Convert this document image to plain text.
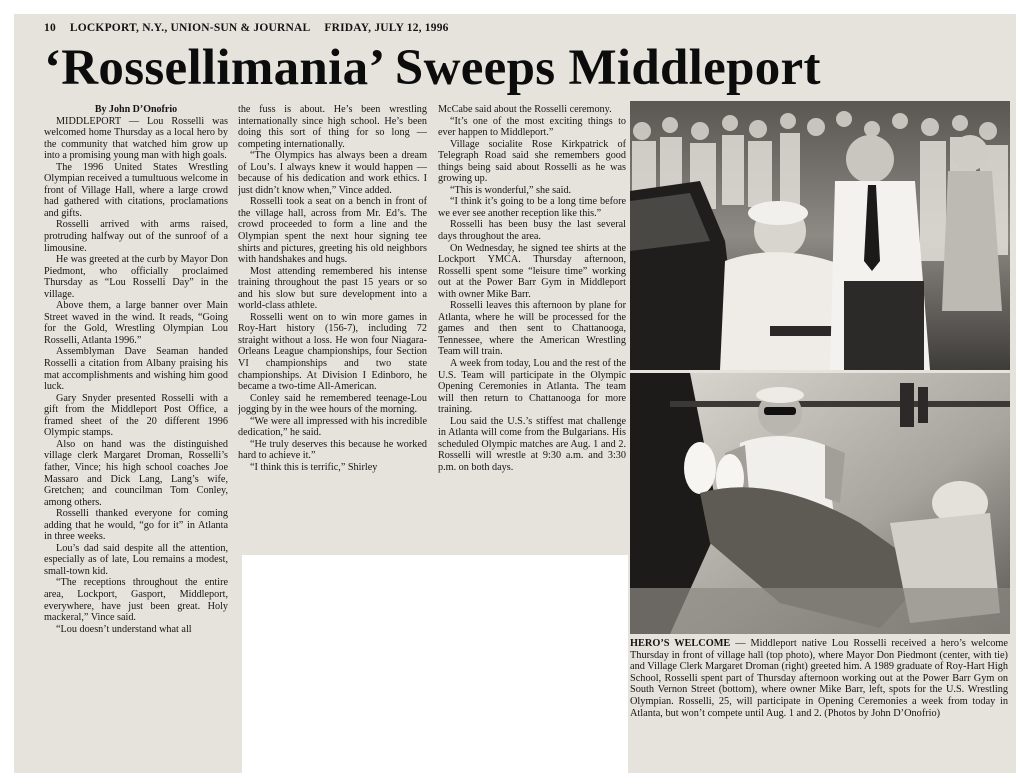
10 LOCKPORT, N.Y., UNION-SUN & JOURNAL FRIDAY, JULY 12, 1996
‘Rossellimania’ Sweeps Middleport

By John D’Onofrio

MIDDLEPORT — Lou Rosselli was welcomed home Thursday as a local hero by the community that watched him grow up into a promising young man with high goals.

The 1996 United States Wrestling Olympian received a tumultuous welcome in front of Village Hall, where a large crowd had gathered with citations, proclamations and gifts.

Rosselli arrived with arms raised, protruding halfway out of the sunroof of a limousine.

He was greeted at the curb by Mayor Don Piedmont, who officially proclaimed Thursday as “Lou Rosselli Day” in the village.

Above them, a large banner over Main Street waved in the wind. It reads, “Going for the Gold, Wrestling Olympian Lou Rosselli, Atlanta 1996.”

Assemblyman Dave Seaman handed Rosselli a citation from Albany praising his mat accomplishments and wishing him good luck.

Gary Snyder presented Rosselli with a gift from the Middleport Post Office, a framed sheet of the 20 different 1996 Olympic stamps.

Also on hand was the distinguished village clerk Margaret Droman, Rosselli’s father, Vince; his high school coaches Joe Massaro and Dick Lang, Lang’s wife, Gretchen; and councilman Tom Conley, among others.

Rosselli thanked everyone for coming adding that he would, “go for it” in Atlanta in three weeks.

Lou’s dad said despite all the attention, especially as of late, Lou remains a modest, small-town kid.

“The receptions throughout the entire area, Lockport, Gasport, Middleport, everywhere, have just been great. Holy mackeral,” Vince said.

“Lou doesn’t understand what all

the fuss is about. He’s been wrestling internationally since high school. He’s been doing this sort of thing for so long — competing internationally.

“The Olympics has always been a dream of Lou’s. I always knew it would happen — because of his dedication and work ethics. I just didn’t know when,” Vince added.

Rosselli took a seat on a bench in front of the village hall, across from Mr. Ed’s. The crowd proceeded to form a line and the Olympian spent the next hour signing tee shirts and pictures, greeting his old neighbors with handshakes and hugs.

Most attending remembered his intense training throughout the past 15 years or so and his slow but sure development into a world-class athlete.

Rosselli went on to win more games in Roy-Hart history (156-7), including 72 straight without a loss. He won four Niagara-Orleans League championships, four Section VI championships and two state championships. At Division I Edinboro, he became a two-time All-American.

Conley said he remembered teenage-Lou jogging by in the wee hours of the morning.

“We were all impressed with his incredible dedication,” he said.

“He truly deserves this because he worked hard to achieve it.”

“I think this is terrific,” Shirley

McCabe said about the Rosselli ceremony.

“It’s one of the most exciting things to ever happen to Middleport.”

Village socialite Rose Kirkpatrick of Telegraph Road said she remembers good things being said about Rosselli as he was growing up.

“This is wonderful,” she said.

“I think it’s going to be a long time before we ever see another reception like this.”

Rosselli has been busy the last several days throughout the area.

On Wednesday, he signed tee shirts at the Lockport YMCA. Thursday afternoon, Rosselli spent some “leisure time” working out at the Power Barr Gym in Middleport with owner Mike Barr.

Rosselli leaves this afternoon by plane for Atlanta, where he will be processed for the games and then sent to Chattanooga, Tennessee, where the American Wrestling Team will train.

A week from today, Lou and the rest of the U.S. Team will participate in the Olympic Opening Ceremonies in Atlanta. The team will then return to Chattanooga for more training.

Lou said the U.S.’s stiffest mat challenge in Atlanta will come from the Bulgarians. His scheduled Olympic matches are Aug. 1 and 2. Rosselli will wrestle at 9:30 a.m. and 3:30 p.m. on both days.

HERO’S WELCOME — Middleport native Lou Rosselli received a hero’s welcome Thursday in front of village hall (top photo), where Mayor Don Piedmont (center, with tie) and Village Clerk Margaret Droman (right) greeted him. A 1989 graduate of Roy-Hart High School, Rosselli spent part of Thursday afternoon working out at the Power Barr Gym on South Vernon Street (bottom), where owner Mike Barr, left, spots for the U.S. Wrestling Olympian. Rosselli, 25, will participate in Opening Ceremonies a week from today in Atlanta, but won’t compete until Aug. 1 and 2. (Photos by John D’Onofrio)
